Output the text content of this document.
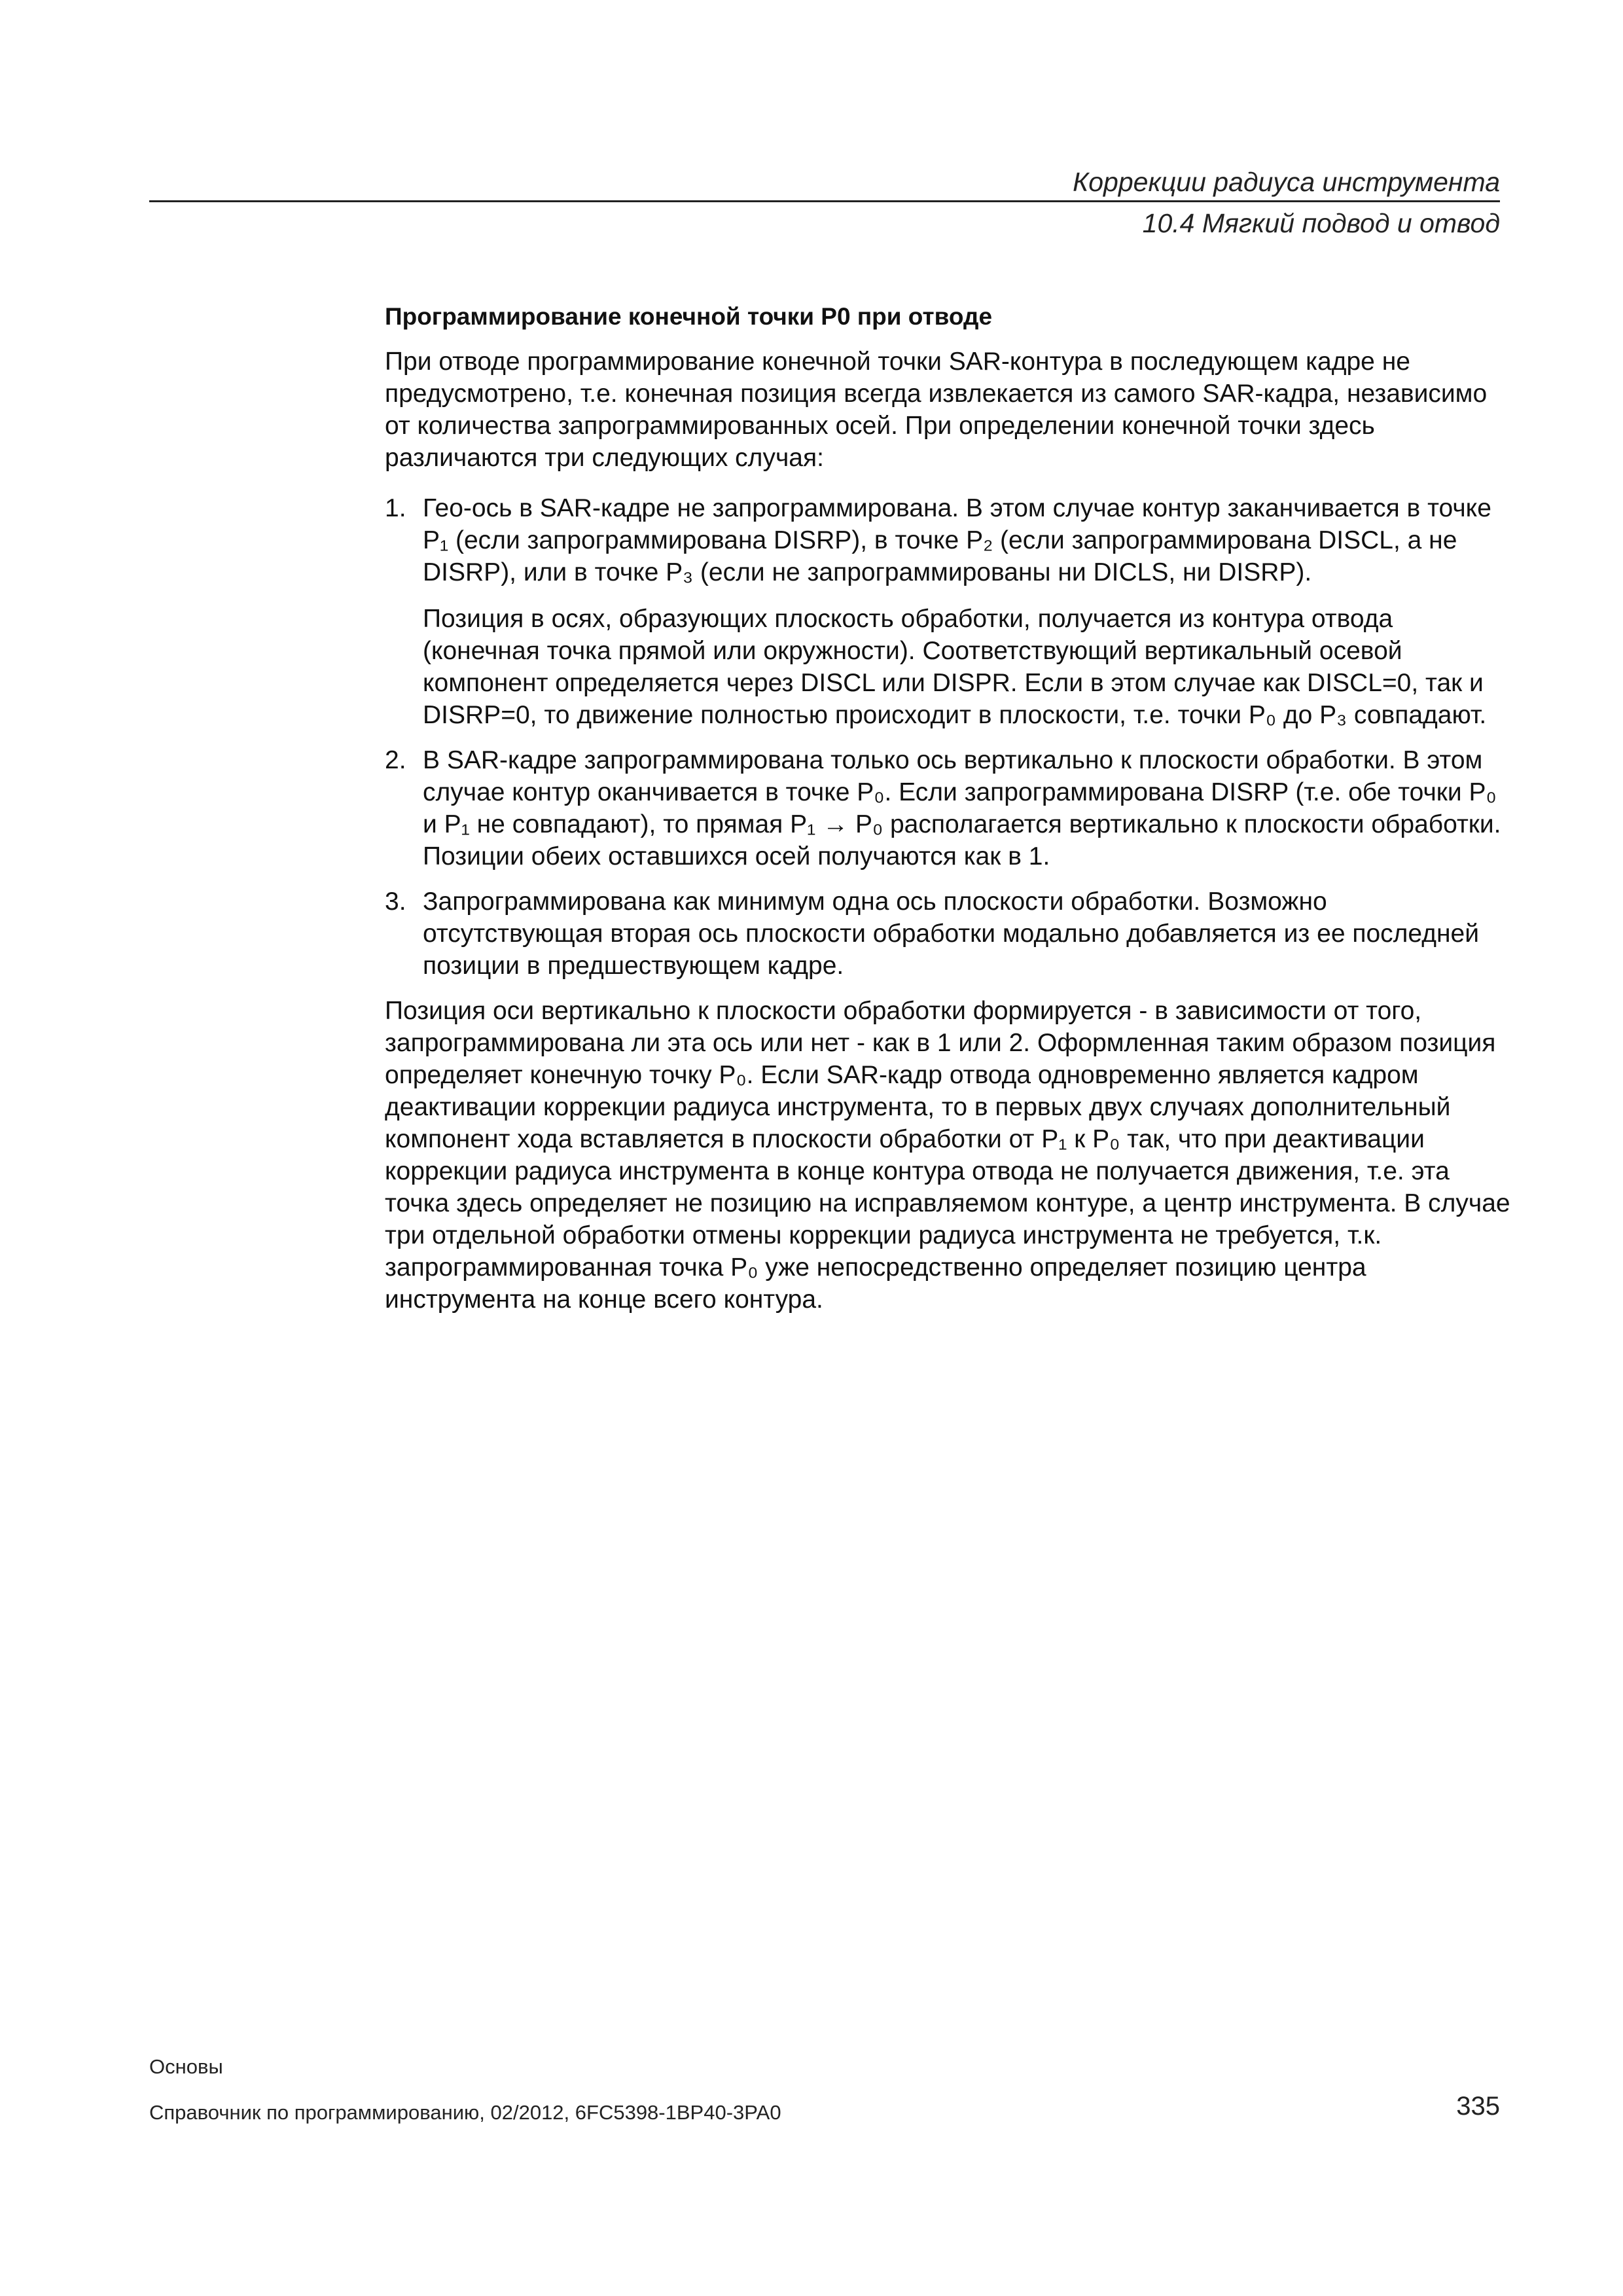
Коррекции радиуса инструмента
10.4 Мягкий подвод и отвод
Программирование конечной точки P0 при отводе

При отводе программирование конечной точки SAR-контура в последующем кадре не предусмотрено, т.е. конечная позиция всегда извлекается из самого SAR-кадра, независимо от количества запрограммированных осей. При определении конечной точки здесь различаются три следующих случая:

1. Гео-ось в SAR-кадре не запрограммирована. В этом случае контур заканчивается в точке P₁ (если запрограммирована DISRP), в точке P₂ (если запрограммирована DISCL, а не DISRP), или в точке P₃ (если не запрограммированы ни DICLS, ни DISRP).

Позиция в осях, образующих плоскость обработки, получается из контура отвода (конечная точка прямой или окружности). Соответствующий вертикальный осевой компонент определяется через DISCL или DISPR. Если в этом случае как DISCL=0, так и DISRP=0, то движение полностью происходит в плоскости, т.е. точки P₀ до P₃ совпадают.

2. В SAR-кадре запрограммирована только ось вертикально к плоскости обработки. В этом случае контур оканчивается в точке P₀. Если запрограммирована DISRP (т.е. обе точки P₀ и P₁ не совпадают), то прямая P₁ → P₀ располагается вертикально к плоскости обработки. Позиции обеих оставшихся осей получаются как в 1.

3. Запрограммирована как минимум одна ось плоскости обработки. Возможно отсутствующая вторая ось плоскости обработки модально добавляется из ее последней позиции в предшествующем кадре.

Позиция оси вертикально к плоскости обработки формируется - в зависимости от того, запрограммирована ли эта ось или нет - как в 1 или 2. Оформленная таким образом позиция определяет конечную точку P₀. Если SAR-кадр отвода одновременно является кадром деактивации коррекции радиуса инструмента, то в первых двух случаях дополнительный компонент хода вставляется в плоскости обработки от P₁ к P₀ так, что при деактивации коррекции радиуса инструмента в конце контура отвода не получается движения, т.е. эта точка здесь определяет не позицию на исправляемом контуре, а центр инструмента. В случае три отдельной обработки отмены коррекции радиуса инструмента не требуется, т.к. запрограммированная точка P₀ уже непосредственно определяет позицию центра инструмента на конце всего контура.

Основы
Справочник по программированию, 02/2012, 6FC5398-1BP40-3PA0	335
